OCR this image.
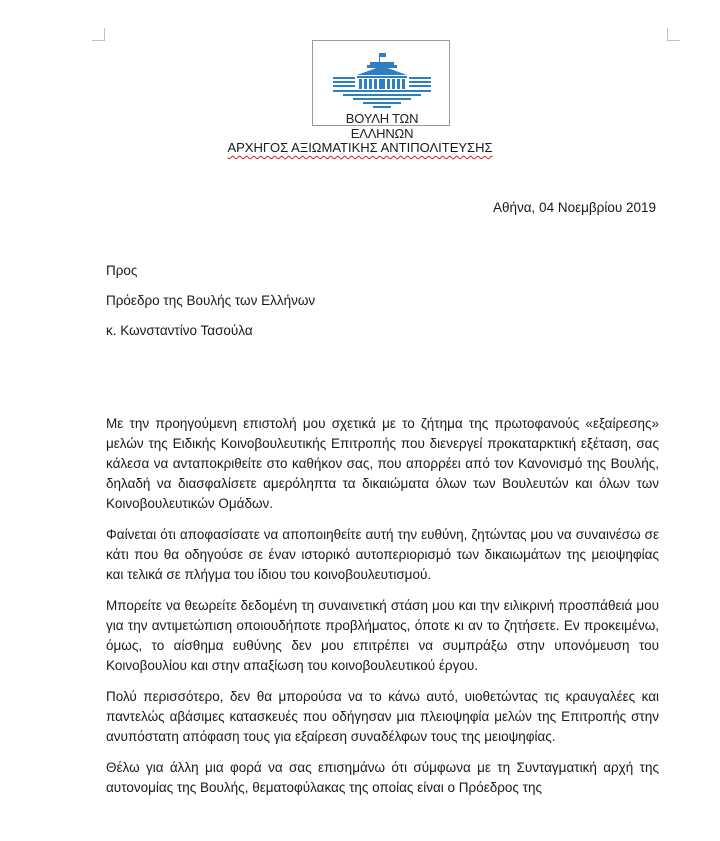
ΒΟΥΛΗ ΤΩΝ ΕΛΛΗΝΩΝ
ΑΡΧΗΓΟΣ ΑΞΙΩΜΑΤΙΚΗΣ ΑΝΤΙΠΟΛΙΤΕΥΣΗΣ
Αθήνα, 04 Νοεμβρίου 2019
Προς
Πρόεδρο της Βουλής των Ελλήνων
κ. Κωνσταντίνο Τασούλα

Με την προηγούμενη επιστολή μου σχετικά με το ζήτημα της πρωτοφανούς «εξαίρεσης» μελών της Ειδικής Κοινοβουλευτικής Επιτροπής που διενεργεί προκαταρκτική εξέταση, σας κάλεσα να ανταποκριθείτε στο καθήκον σας, που απορρέει από τον Κανονισμό της Βουλής, δηλαδή να διασφαλίσετε αμερόληπτα τα δικαιώματα όλων των Βουλευτών και όλων των Κοινοβουλευτικών Ομάδων.

Φαίνεται ότι αποφασίσατε να αποποιηθείτε αυτή την ευθύνη, ζητώντας μου να συναινέσω σε κάτι που θα οδηγούσε σε έναν ιστορικό αυτοπεριορισμό των δικαιωμάτων της μειοψηφίας και τελικά σε πλήγμα του ίδιου του κοινοβουλευτισμού.

Μπορείτε να θεωρείτε δεδομένη τη συναινετική στάση μου και την ειλικρινή προσπάθειά μου για την αντιμετώπιση οποιουδήποτε προβλήματος, όποτε κι αν το ζητήσετε. Εν προκειμένω, όμως, το αίσθημα ευθύνης δεν μου επιτρέπει να συμπράξω στην υπονόμευση του Κοινοβουλίου και στην απαξίωση του κοινοβουλευτικού έργου.

Πολύ περισσότερο, δεν θα μπορούσα να το κάνω αυτό, υιοθετώντας τις κραυγαλέες και παντελώς αβάσιμες κατασκευές που οδήγησαν μια πλειοψηφία μελών της Επιτροπής στην ανυπόστατη απόφαση τους για εξαίρεση συναδέλφων τους της μειοψηφίας.

Θέλω για άλλη μια φορά να σας επισημάνω ότι σύμφωνα με τη Συνταγματική αρχή της αυτονομίας της Βουλής, θεματοφύλακας της οποίας είναι ο Πρόεδρος της
